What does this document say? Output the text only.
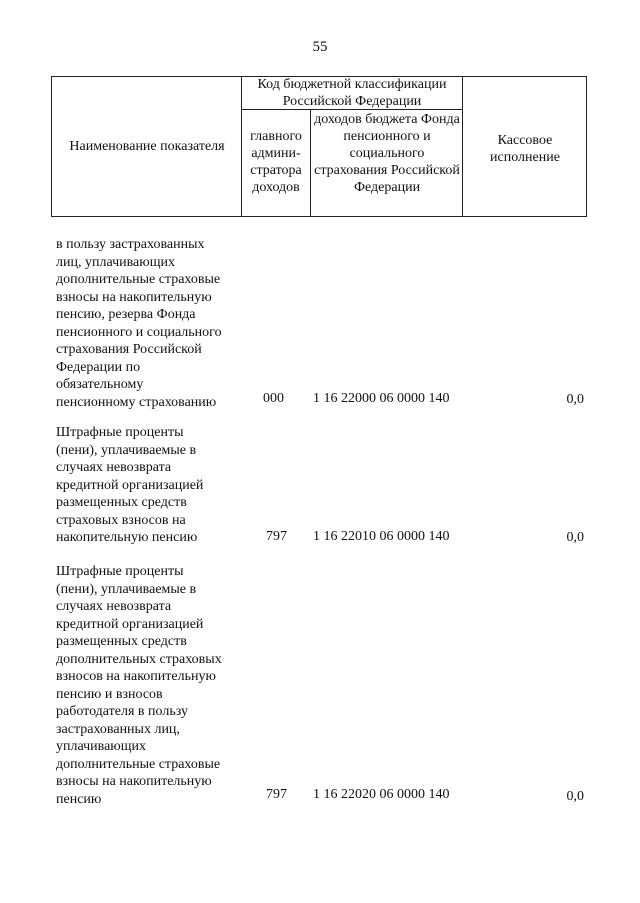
55
Наименование показателя
Код бюджетной классификации Российской Федерации
главного админи-стратора доходов
доходов бюджета Фонда пенсионного и социального страхования Российской Федерации
Кассовое исполнение
в пользу застрахованных
лиц, уплачивающих
дополнительные страховые
взносы на накопительную
пенсию, резерва Фонда
пенсионного и социального
страхования Российской
Федерации по
обязательному
пенсионному страхованию	000 1 16 22000 06 0000 140	0,0
Штрафные проценты
(пени), уплачиваемые в
случаях невозврата
кредитной организацией
размещенных средств
страховых взносов на
накопительную пенсию	797 1 16 22010 06 0000 140	0,0
Штрафные проценты
(пени), уплачиваемые в
случаях невозврата
кредитной организацией
размещенных средств
дополнительных страховых
взносов на накопительную
пенсию и взносов
работодателя в пользу
застрахованных лиц,
уплачивающих
дополнительные страховые
взносы на накопительную
пенсию	797 1 16 22020 06 0000 140	0,0
